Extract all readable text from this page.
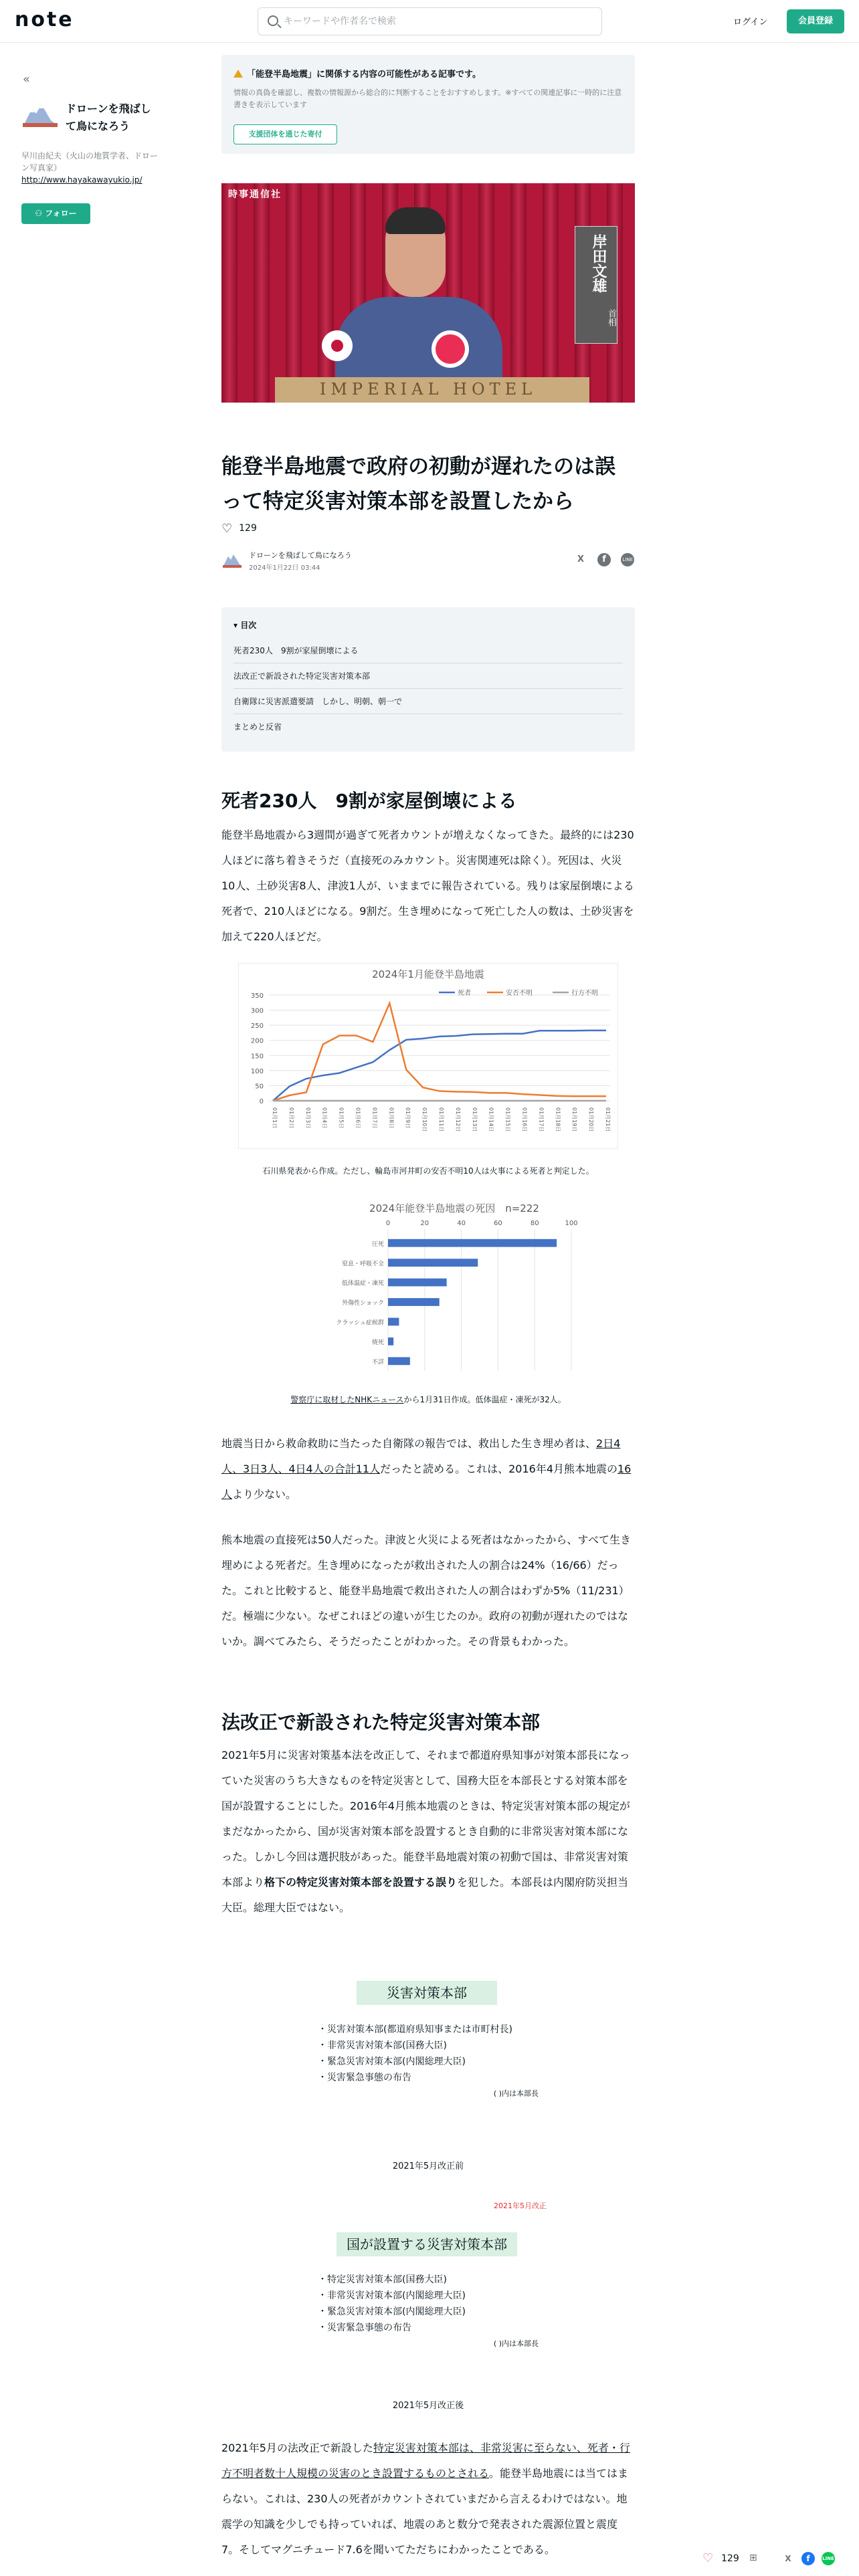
note
キーワードや作者名で検索	ログイン	会員登録
«
ドローンを飛ばして鳥になろう
早川由紀夫（火山の地質学者、ドローン写真家）
http://www.hayakawayukio.jp/
⚇ フォロー
「能登半島地震」に関係する内容の可能性がある記事です。
情報の真偽を確認し、複数の情報源から総合的に判断することをおすすめします。※すべての関連記事に一時的に注意書きを表示しています
支援団体を通じた寄付
時事通信社
IMPERIAL HOTEL
岸田文雄
首相
能登半島地震で政府の初動が遅れたのは誤って特定災害対策本部を設置したから
♡ 129
ドローンを飛ばして鳥になろう
2024年1月22日 03:44
X f	LINE
▾ 目次
死者230人　9割が家屋倒壊による
法改正で新設された特定災害対策本部
自衛隊に災害派遣要請　しかし、明朝、朝一で
まとめと反省
死者230人　9割が家屋倒壊による

能登半島地震から3週間が過ぎて死者カウントが増えなくなってきた。最終的には230人ほどに落ち着きそうだ（直接死のみカウント。災害関連死は除く）。死因は、火災10人、土砂災害8人、津波1人が、いままでに報告されている。残りは家屋倒壊による死者で、210人ほどになる。9割だ。生き埋めになって死亡した人の数は、土砂災害を加えて220人ほどだ。

2024年1月能登半島地震
0
50
100
150
200
250
300
350
01月1日 01月2日 01月3日 01月4日 01月5日 01月6日 01月7日 01月8日 01月9日 01月10日 01月11日 01月12日 01月13日 01月14日 01月15日 01月16日 01月17日 01月18日 01月19日 01月20日 01月21日
死者	安否不明	行方不明
石川県発表から作成。ただし、輪島市河井町の安否不明10人は火事による死者と判定した。
2024年能登半島地震の死因　n=222
0	20	40	60	80	100
圧死
窒息・呼吸不全
低体温症・凍死
外傷性ショック
クラッシュ症候群
焼死
不詳
警察庁に取材したNHKニュースから1月31日作成。低体温症・凍死が32人。

地震当日から救命救助に当たった自衛隊の報告では、救出した生き埋め者は、2日4人、3日3人、4日4人の合計11人だったと読める。これは、2016年4月熊本地震の16人より少ない。

熊本地震の直接死は50人だった。津波と火災による死者はなかったから、すべて生き埋めによる死者だ。生き埋めになったが救出された人の割合は24%（16/66）だった。これと比較すると、能登半島地震で救出された人の割合はわずか5%（11/231）だ。極端に少ない。なぜこれほどの違いが生じたのか。政府の初動が遅れたのではないか。調べてみたら、そうだったことがわかった。その背景もわかった。

法改正で新設された特定災害対策本部

2021年5月に災害対策基本法を改正して、それまで都道府県知事が対策本部長になっていた災害のうち大きなものを特定災害として、国務大臣を本部長とする対策本部を国が設置することにした。2016年4月熊本地震のときは、特定災害対策本部の規定がまだなかったから、国が災害対策本部を設置するとき自動的に非常災害対策本部になった。しかし今回は選択肢があった。能登半島地震対策の初動で国は、非常災害対策本部より格下の特定災害対策本部を設置する誤りを犯した。本部長は内閣府防災担当大臣。総理大臣ではない。

災害対策本部
・災害対策本部(都道府県知事または市町村長)
・非常災害対策本部(国務大臣)
・緊急災害対策本部(内閣総理大臣)
・災害緊急事態の布告
( )内は本部長
2021年5月改正前
2021年5月改正
国が設置する災害対策本部
・特定災害対策本部(国務大臣)
・非常災害対策本部(内閣総理大臣)
・緊急災害対策本部(内閣総理大臣)
・災害緊急事態の布告
( )内は本部長
2021年5月改正後

2021年5月の法改正で新設した特定災害対策本部は、非常災害に至らない、死者・行方不明者数十人規模の災害のとき設置するものとされる。能登半島地震には当てはまらない。これは、230人の死者がカウントされていまだから言えるわけではない。地震学の知識を少しでも持っていれば、地震のあと数分で発表された震源位置と震度7。そしてマグニチュード7.6を聞いてただちにわかったことである。

♡ 129 ⊞	X	f	LINE
